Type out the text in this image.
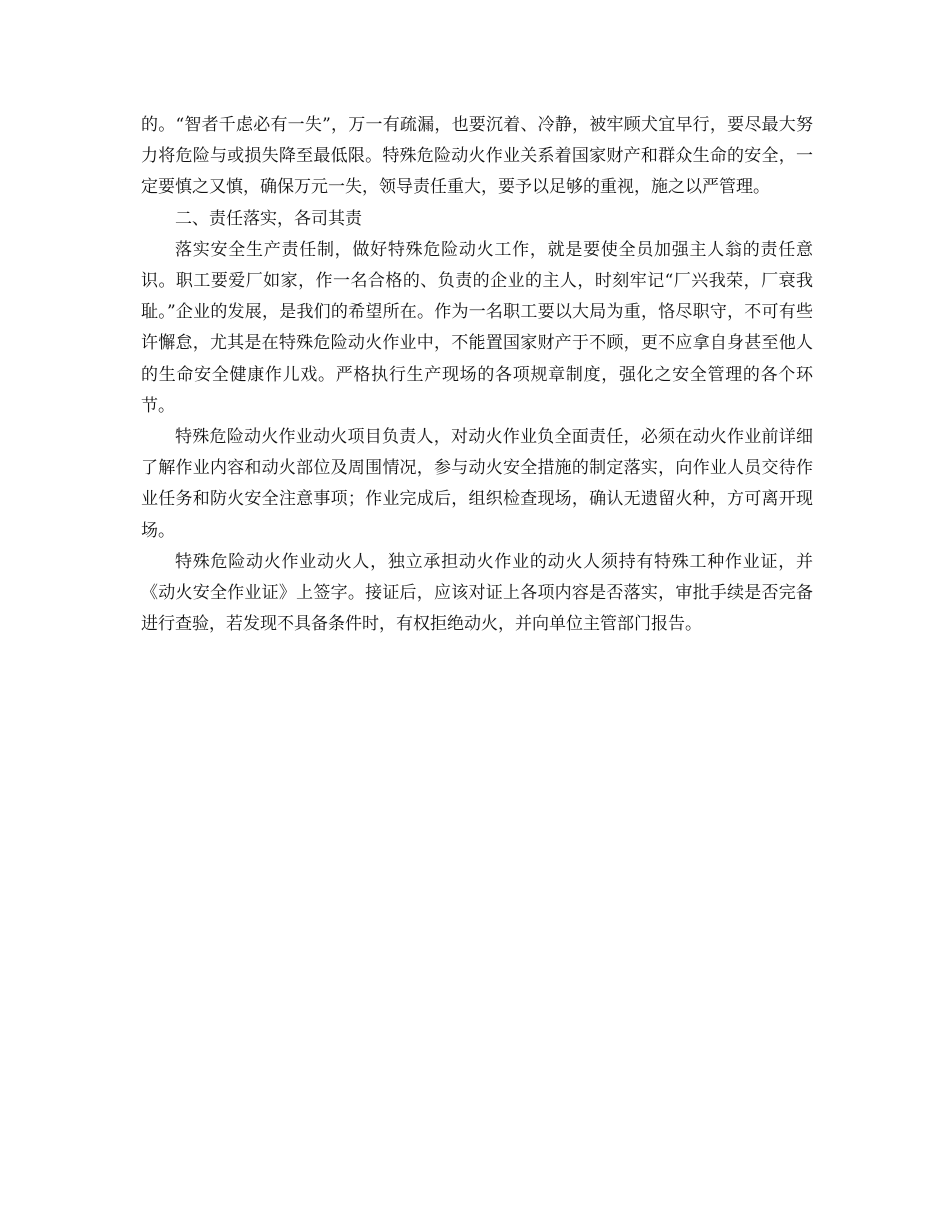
的。“智者千虑必有一失”，万一有疏漏，也要沉着、冷静，被牢顾犬宜早行，要尽最大努力将危险与或损失降至最低限。特殊危险动火作业关系着国家财产和群众生命的安全，一定要慎之又慎，确保万元一失，领导责任重大，要予以足够的重视，施之以严管理。

二、责任落实，各司其责

落实安全生产责任制，做好特殊危险动火工作，就是要使全员加强主人翁的责任意识。职工要爱厂如家，作一名合格的、负责的企业的主人，时刻牢记“厂兴我荣，厂衰我耻。”企业的发展，是我们的希望所在。作为一名职工要以大局为重，恪尽职守，不可有些许懈怠，尤其是在特殊危险动火作业中，不能置国家财产于不顾，更不应拿自身甚至他人的生命安全健康作儿戏。严格执行生产现场的各项规章制度，强化之安全管理的各个环节。

特殊危险动火作业动火项目负责人，对动火作业负全面责任，必须在动火作业前详细了解作业内容和动火部位及周围情况，参与动火安全措施的制定落实，向作业人员交待作业任务和防火安全注意事项；作业完成后，组织检查现场，确认无遗留火种，方可离开现场。

特殊危险动火作业动火人，独立承担动火作业的动火人须持有特殊工种作业证，并《动火安全作业证》上签字。接证后，应该对证上各项内容是否落实，审批手续是否完备进行查验，若发现不具备条件时，有权拒绝动火，并向单位主管部门报告。
